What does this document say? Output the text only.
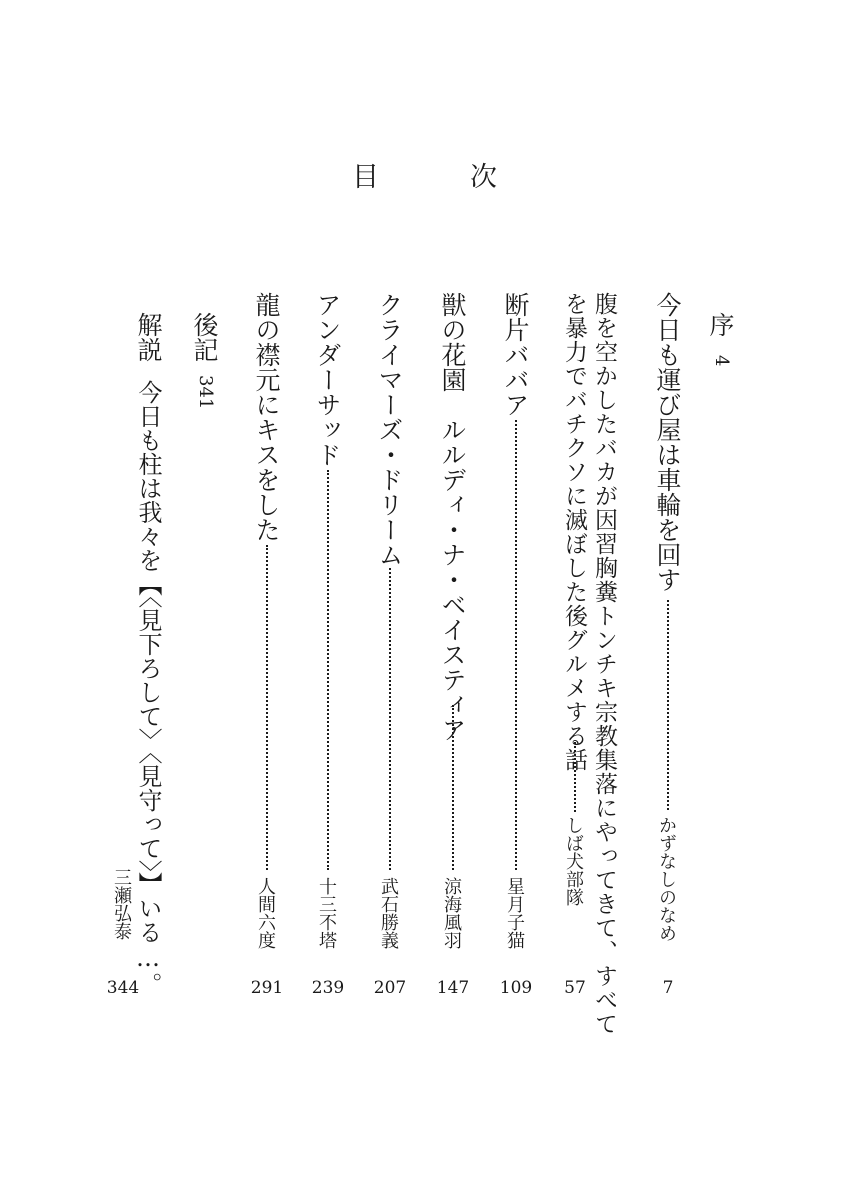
目　次
序
4
今日も運び屋は車輪を回す
かずなしのなめ
7
腹を空かしたバカが因習胸糞トンチキ宗教集落にやってきて、すべて
を暴力でバチクソに滅ぼした後グルメする話
しば犬部隊
57
断片ババア
星月子猫
109
獣の花園　ルルディ・ナ・ベイスティア
涼海風羽
147
クライマーズ・ドリーム
武石勝義
207
アンダーサッド
十三不塔
239
龍の襟元にキスをした
人間六度
291
後記
341
解説
今日も柱は我々を【〈見下ろして〉〈見守って〉】いる…。
三瀬弘泰
344
